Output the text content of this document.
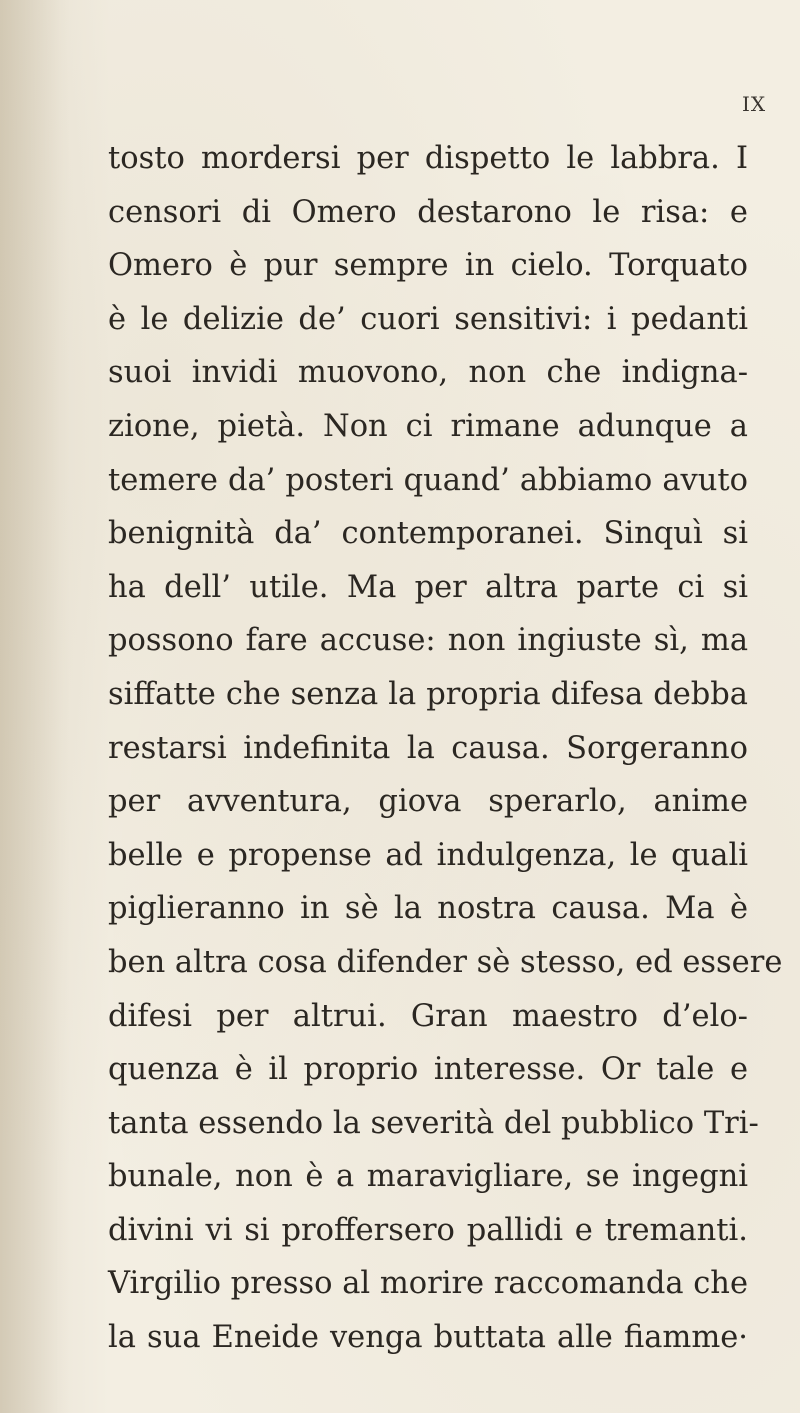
IX
tosto mordersi per dispetto le labbra. I
censori di Omero destarono le risa: e
Omero è pur sempre in cielo. Torquato
è le delizie de’ cuori sensitivi: i pedanti
suoi invidi muovono, non che indigna-
zione, pietà. Non ci rimane adunque a
temere da’ posteri quand’ abbiamo avuto
benignità da’ contemporanei. Sinquì si
ha dell’ utile. Ma per altra parte ci si
possono fare accuse: non ingiuste sì, ma
siffatte che senza la propria difesa debba
restarsi indefinita la causa. Sorgeranno
per avventura, giova sperarlo, anime
belle e propense ad indulgenza, le quali
piglieranno in sè la nostra causa. Ma è
ben altra cosa difender sè stesso, ed essere
difesi per altrui. Gran maestro d’elo-
quenza è il proprio interesse. Or tale e
tanta essendo la severità del pubblico Tri-
bunale, non è a maravigliare, se ingegni
divini vi si proffersero pallidi e tremanti.
Virgilio presso al morire raccomanda che
la sua Eneide venga buttata alle fiamme·
